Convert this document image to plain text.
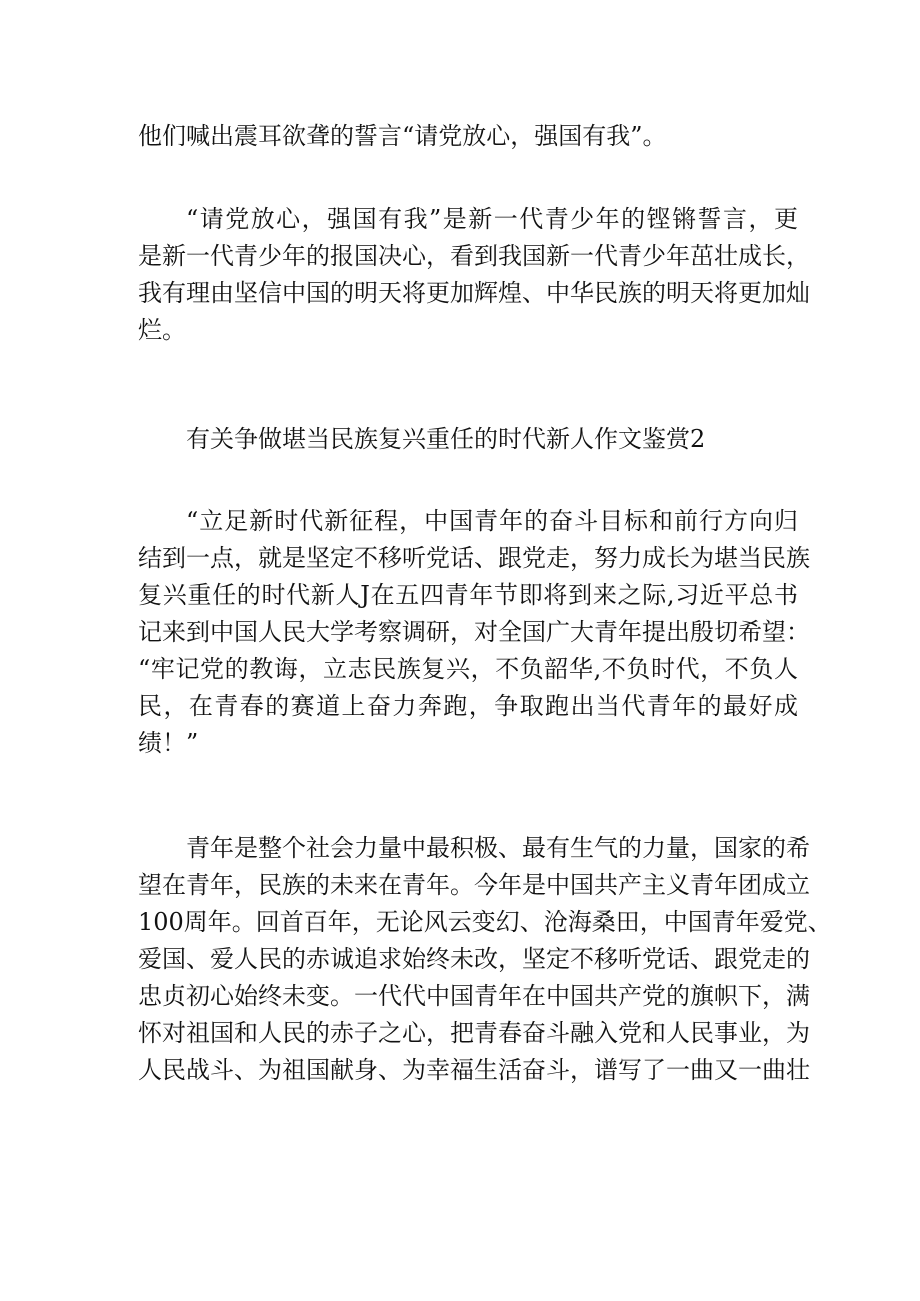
他们喊出震耳欲聋的誓言“请党放心，强国有我”。
“请党放心，强国有我”是新一代青少年的铿锵誓言，更
是新一代青少年的报国决心，看到我国新一代青少年茁壮成长，
我有理由坚信中国的明天将更加辉煌、中华民族的明天将更加灿
烂。
有关争做堪当民族复兴重任的时代新人作文鉴赏2
“立足新时代新征程，中国青年的奋斗目标和前行方向归
结到一点，就是坚定不移听党话、跟党走，努力成长为堪当民族
复兴重任的时代新人J在五四青年节即将到来之际,习近平总书
记来到中国人民大学考察调研，对全国广大青年提出殷切希望：
“牢记党的教诲，立志民族复兴，不负韶华,不负时代，不负人
民，在青春的赛道上奋力奔跑，争取跑出当代青年的最好成
绩！”
青年是整个社会力量中最积极、最有生气的力量，国家的希
望在青年，民族的未来在青年。今年是中国共产主义青年团成立
100周年。回首百年，无论风云变幻、沧海桑田，中国青年爱党、
爱国、爱人民的赤诚追求始终未改，坚定不移听党话、跟党走的
忠贞初心始终未变。一代代中国青年在中国共产党的旗帜下，满
怀对祖国和人民的赤子之心，把青春奋斗融入党和人民事业，为
人民战斗、为祖国献身、为幸福生活奋斗，谱写了一曲又一曲壮
